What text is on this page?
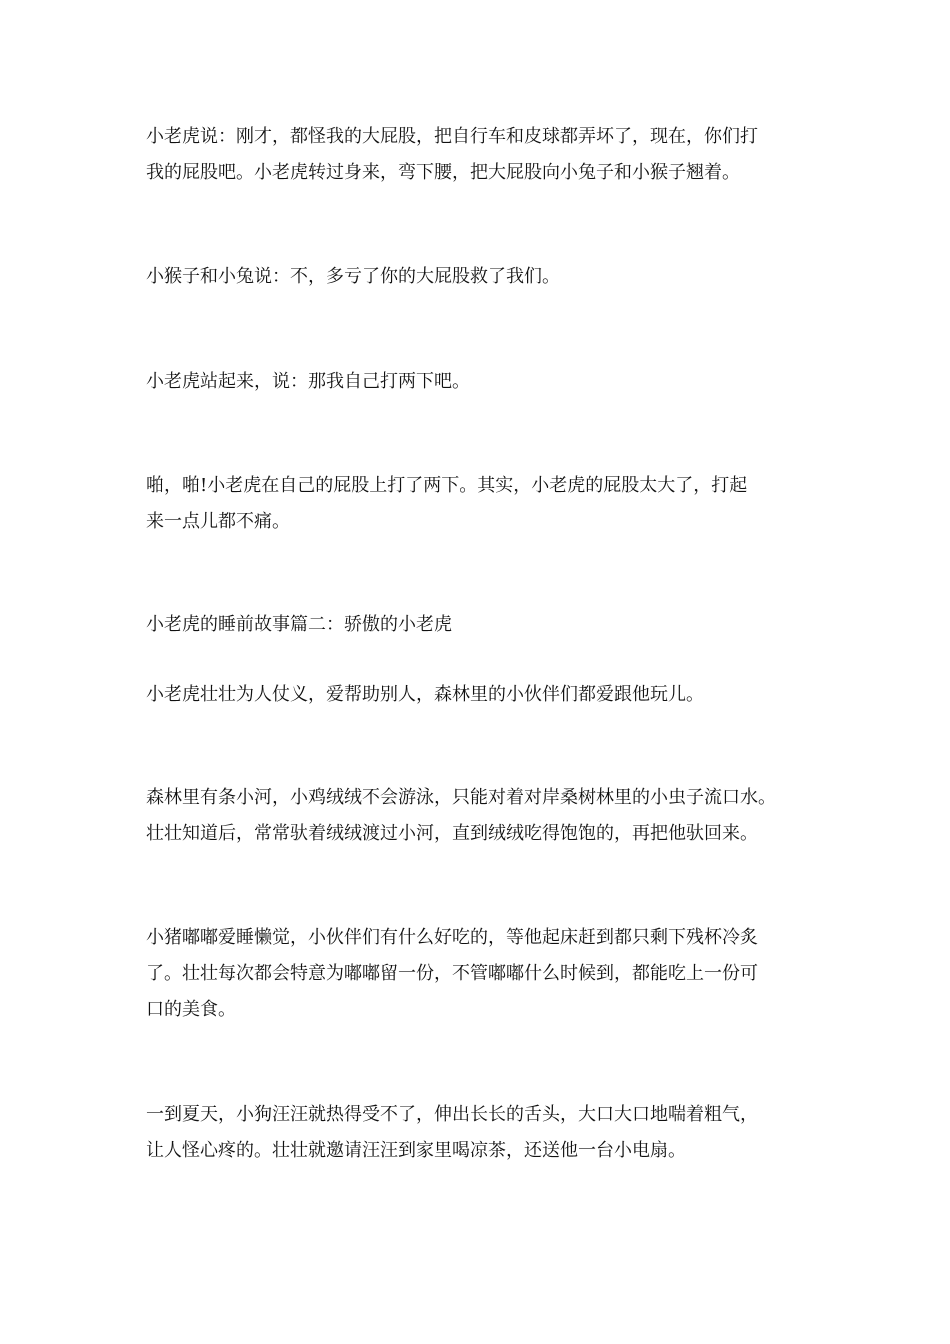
小老虎说：刚才，都怪我的大屁股，把自行车和皮球都弄坏了，现在，你们打
我的屁股吧。小老虎转过身来，弯下腰，把大屁股向小兔子和小猴子翘着。

小猴子和小兔说：不，多亏了你的大屁股救了我们。

小老虎站起来，说：那我自己打两下吧。

啪，啪!小老虎在自己的屁股上打了两下。其实，小老虎的屁股太大了，打起
来一点儿都不痛。

小老虎的睡前故事篇二：骄傲的小老虎

小老虎壮壮为人仗义，爱帮助别人，森林里的小伙伴们都爱跟他玩儿。

森林里有条小河，小鸡绒绒不会游泳，只能对着对岸桑树林里的小虫子流口水。
壮壮知道后，常常驮着绒绒渡过小河，直到绒绒吃得饱饱的，再把他驮回来。

小猪嘟嘟爱睡懒觉，小伙伴们有什么好吃的，等他起床赶到都只剩下残杯冷炙
了。壮壮每次都会特意为嘟嘟留一份，不管嘟嘟什么时候到，都能吃上一份可
口的美食。

一到夏天，小狗汪汪就热得受不了，伸出长长的舌头，大口大口地喘着粗气，
让人怪心疼的。壮壮就邀请汪汪到家里喝凉茶，还送他一台小电扇。
